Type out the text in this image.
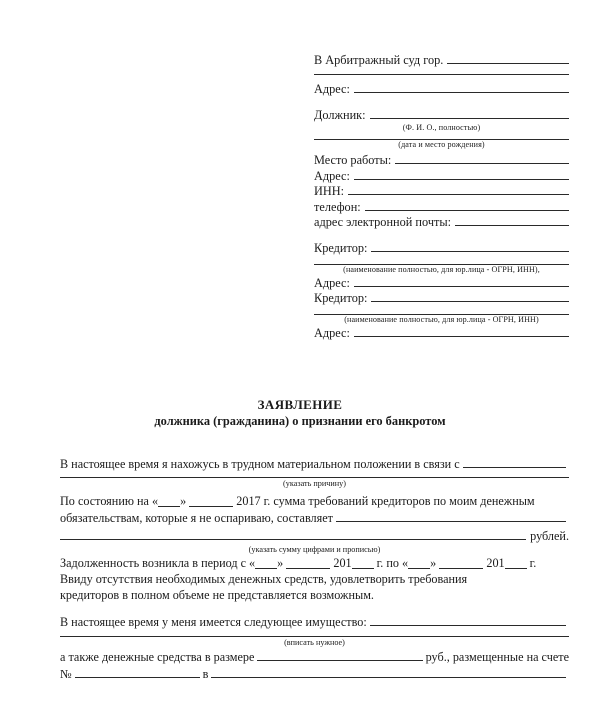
В Арбитражный суд гор.
Адрес:
Должник:
(Ф. И. О., полностью)
(дата и место рождения)
Место работы:
Адрес:
ИНН:
телефон:
адрес электронной почты:
Кредитор:
(наименование полностью, для юр.лица - ОГРН, ИНН),
Адрес:
Кредитор:
(наименование полностью, для юр.лица - ОГРН, ИНН)
Адрес:
ЗАЯВЛЕНИЕ
должника (гражданина) о признании его банкротом
В настоящее время я нахожусь в трудном материальном положении в связи с
(указать причину)
По состоянию на « »	2017 г. сумма требований кредиторов по моим денежным
обязательствам, которые я не оспариваю, составляет
рублей.
(указать сумму цифрами и прописью)
Задолженность возникла в период с « »	201 г. по « »	201 г.
Ввиду отсутствия необходимых денежных средств, удовлетворить требования
кредиторов в полном объеме не представляется возможным.
В настоящее время у меня имеется следующее имущество:
(вписать нужное)
а также денежные средства в размере	руб., размещенные на счете
№	в
